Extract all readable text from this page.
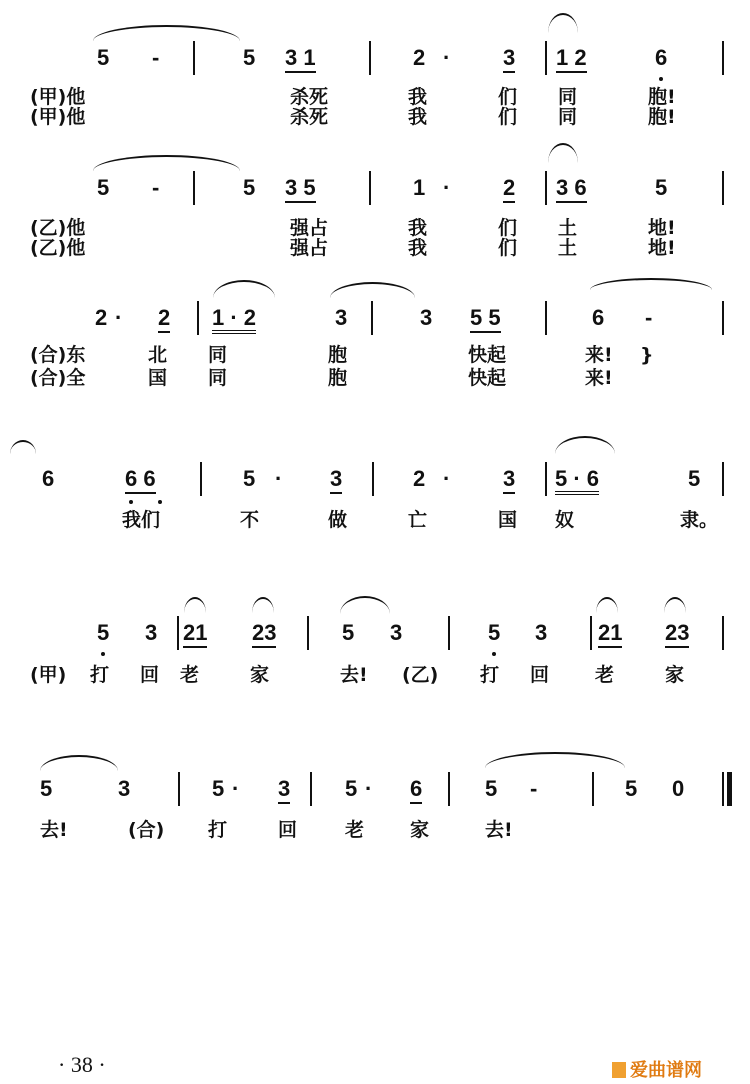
· 38 ·	爱曲谱网
5 -	5 3 1	2 · 3 1 2	6
(甲)他	杀死	我	们 同	胞!
(甲)他	杀死	我	们 同	胞!
5 -	5 3 5	1 · 2 3 6	5
(乙)他	强占	我	们 土	地!
(乙)他	强占	我	们 土	地!
2 · 2 1 · 2	3	3 5 5	6 -
(合)东	北 同	胞	快起	来! }
(合)全	国 同	胞	快起	来!
6	6 6	5 · 3	2 · 3 5 · 6	5
我们	不	做	亡	国 奴	隶。
5 3 21 23	5 3	5 3 21 23
(甲) 打 回 老	家	去! (乙) 打 回 老	家
5	3	5 · 3 5 · 6	5 -	5 0
去!	(合) 打	回	老 家	去!
